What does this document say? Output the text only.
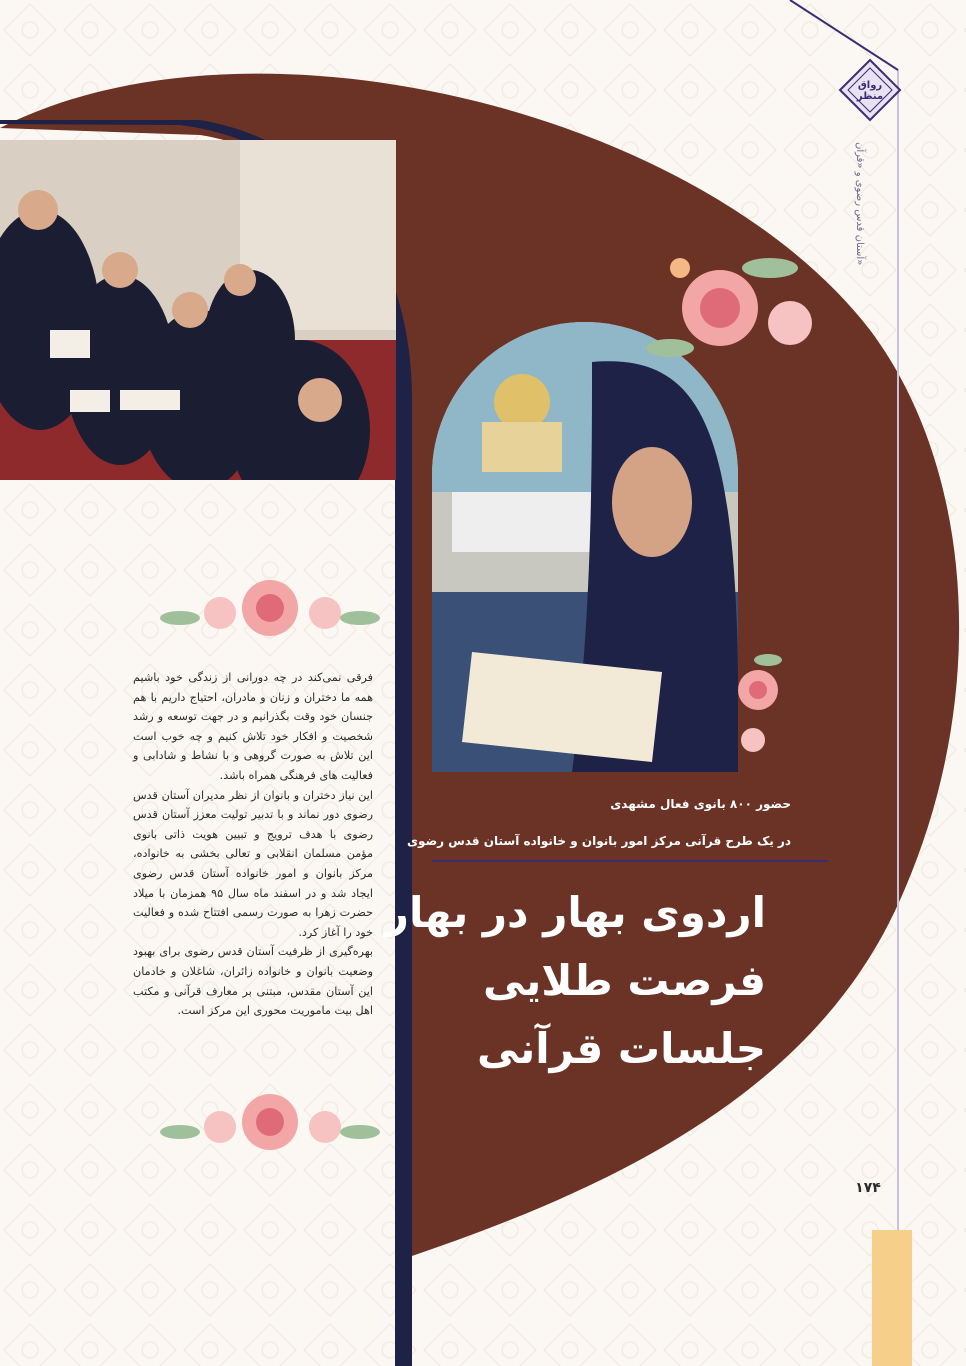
رواق منظر
آستان قدس رضوی و «قرآن»
حضور ۸۰۰ بانوی فعال مشهدی
در یک طرح قرآنی مرکز امور بانوان و خانواده آستان قدس رضوی
اردوی بهار در بهار
فرصت طلایی
جلسات قرآنی

فرقی نمی‌کند در چه دورانی از زندگی خود باشیم همه ما دختران و زنان و مادران، احتیاج داریم با هم جنسان خود وقت بگذرانیم و در جهت توسعه و رشد شخصیت و افکار خود تلاش کنیم و چه خوب است این تلاش به صورت گروهی و با نشاط و شادابی و فعالیت های فرهنگی همراه باشد.

این نیاز دختران و بانوان از نظر مدیران آستان قدس رضوی دور نماند و با تدبیر تولیت معزز آستان قدس رضوی با هدف ترویج و تبیین هویت ذاتی بانوی مؤمن مسلمان انقلابی و تعالی بخشی به خانواده، مرکز بانوان و امور خانواده آستان قدس رضوی ایجاد شد و در اسفند ماه سال ۹۵ همزمان با میلاد حضرت زهرا به صورت رسمی افتتاح شده و فعالیت خود را آغاز کرد.

بهره‌گیری از ظرفیت آستان قدس رضوی برای بهبود وضعیت بانوان و خانواده زائران، شاغلان و خادمان این آستان مقدس، مبتنی بر معارف قرآنی و مکتب اهل بیت ماموریت محوری این مرکز است.

۱۷۴
